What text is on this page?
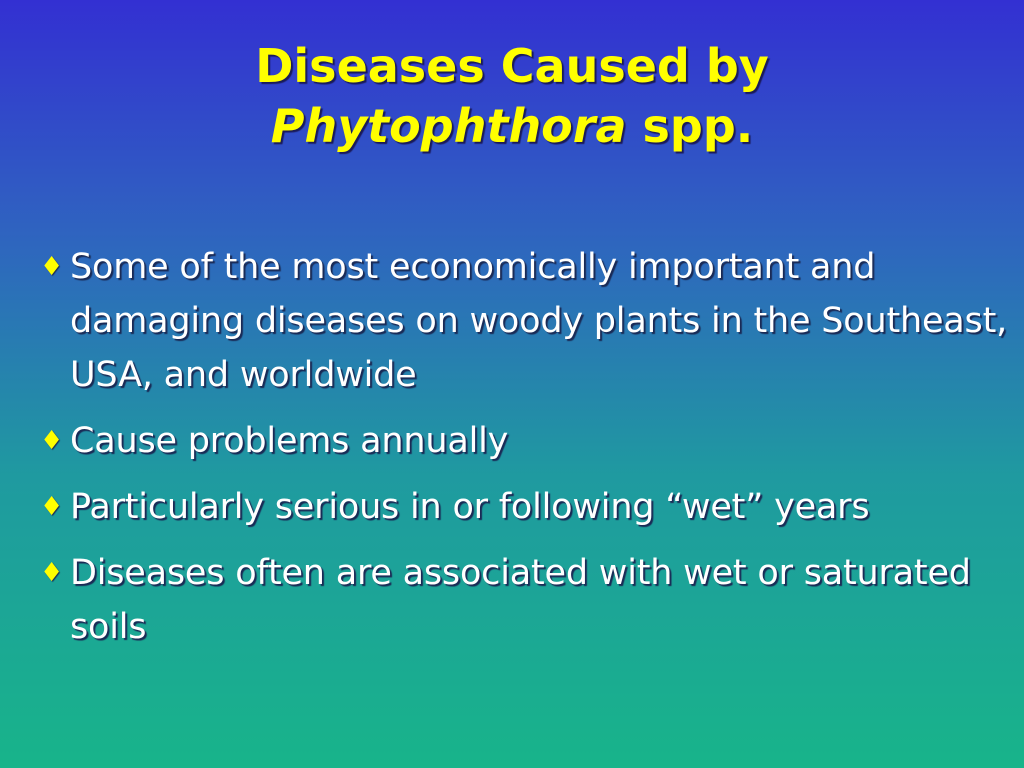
Diseases Caused by
Phytophthora spp.
♦ Some of the most economically important and damaging diseases on woody plants in the Southeast, USA, and worldwide
♦ Cause problems annually
♦ Particularly serious in or following “wet” years
♦ Diseases often are associated with wet or saturated soils
